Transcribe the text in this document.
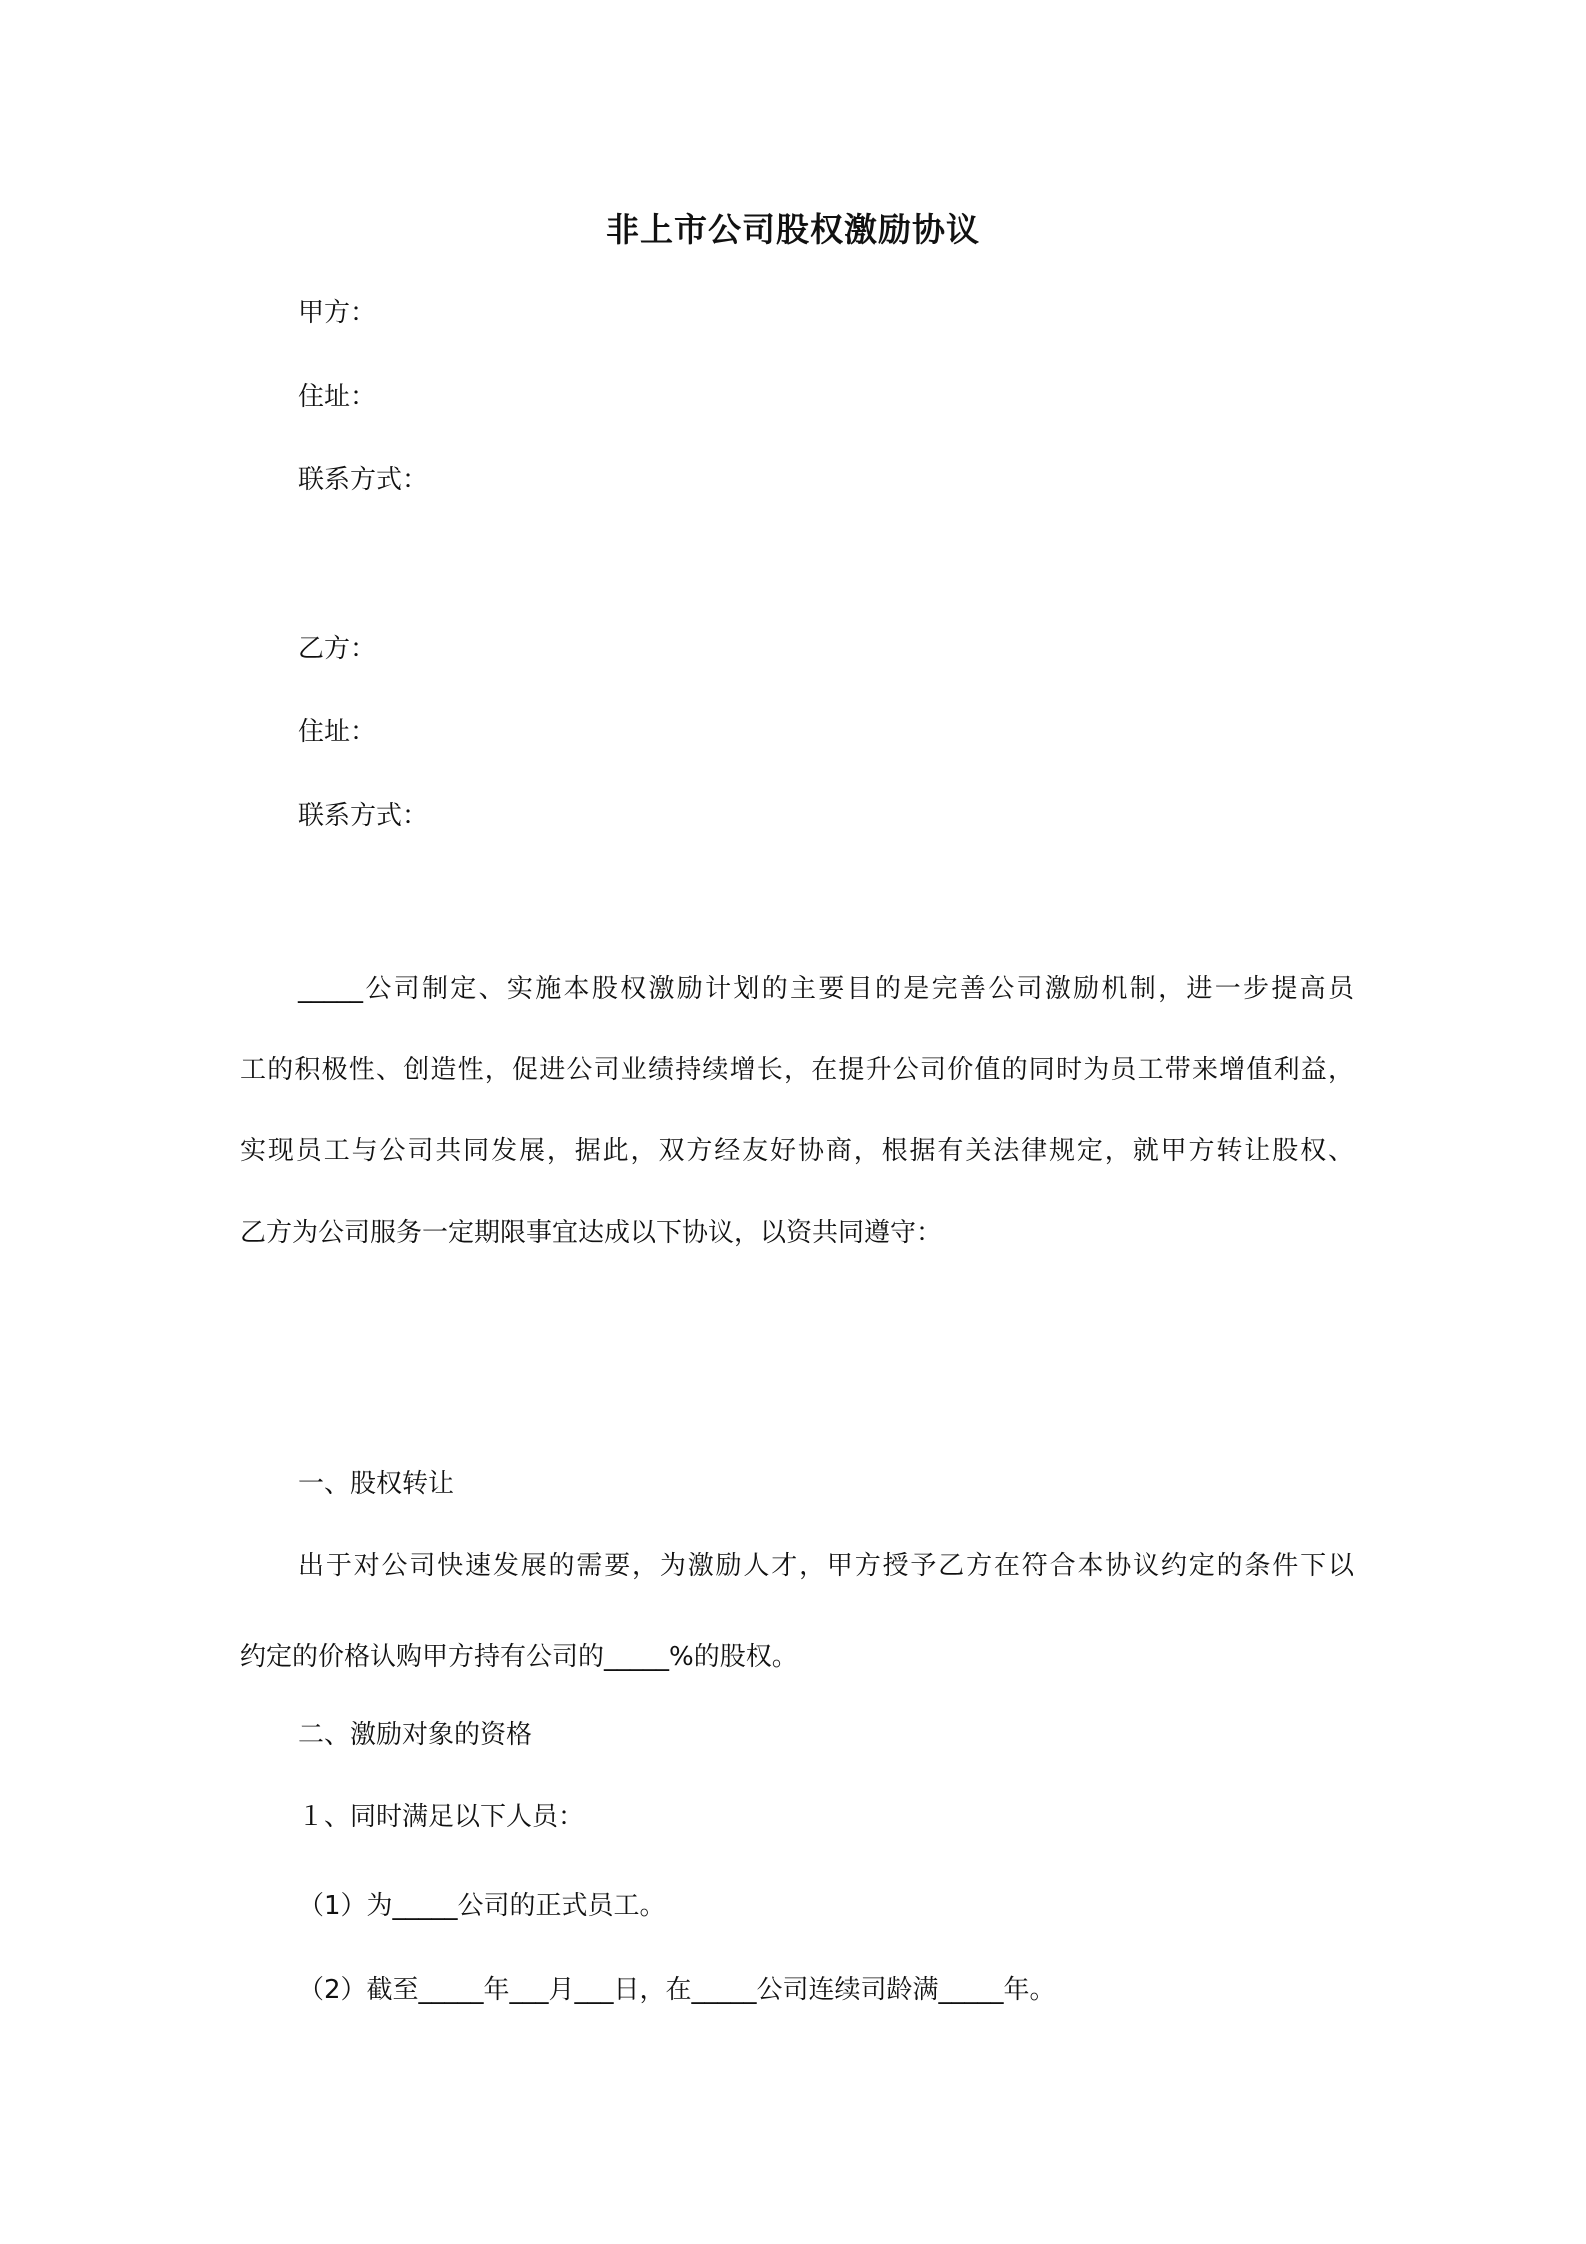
非上市公司股权激励协议

甲方：

住址：

联系方式：

乙方：

住址：

联系方式：

_____公司制定、实施本股权激励计划的主要目的是完善公司激励机制，进一步提高员

工的积极性、创造性，促进公司业绩持续增长，在提升公司价值的同时为员工带来增值利益，

实现员工与公司共同发展，据此，双方经友好协商，根据有关法律规定，就甲方转让股权、

乙方为公司服务一定期限事宜达成以下协议，以资共同遵守：

一、股权转让

出于对公司快速发展的需要，为激励人才，甲方授予乙方在符合本协议约定的条件下以

约定的价格认购甲方持有公司的_____%的股权。

二、激励对象的资格

１、同时满足以下人员：

（1）为_____公司的正式员工。

（2）截至_____年___月___日，在_____公司连续司龄满_____年。
